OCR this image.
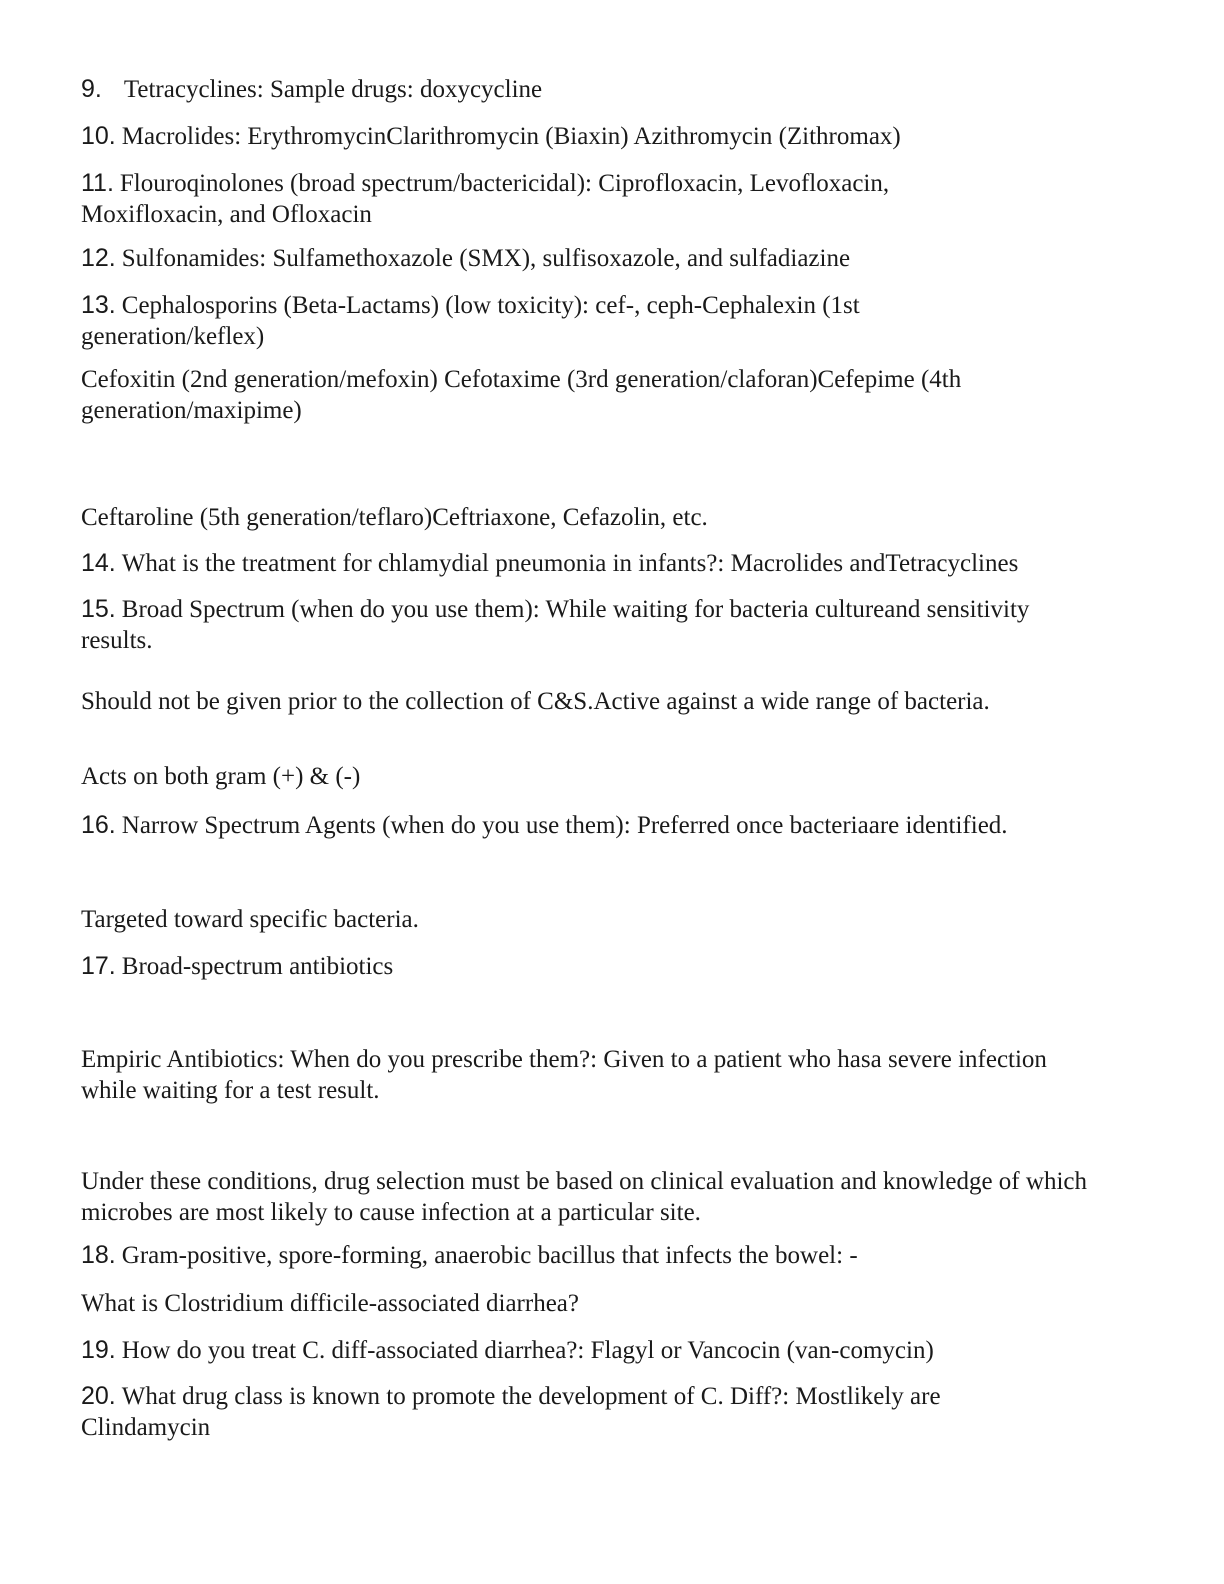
9. Tetracyclines: Sample drugs: doxycycline

10. Macrolides: ErythromycinClarithromycin (Biaxin) Azithromycin (Zithromax)

11. Flouroqinolones (broad spectrum/bactericidal): Ciprofloxacin, Levofloxacin, Moxifloxacin, and Ofloxacin

12. Sulfonamides: Sulfamethoxazole (SMX), sulfisoxazole, and sulfadiazine

13. Cephalosporins (Beta-Lactams) (low toxicity): cef-, ceph-Cephalexin (1st generation/keflex)

Cefoxitin (2nd generation/mefoxin) Cefotaxime (3rd generation/claforan)Cefepime (4th generation/maxipime)

Ceftaroline (5th generation/teflaro)Ceftriaxone, Cefazolin, etc.

14. What is the treatment for chlamydial pneumonia in infants?: Macrolides andTetracyclines

15. Broad Spectrum (when do you use them): While waiting for bacteria cultureand sensitivity results.

Should not be given prior to the collection of C&S.Active against a wide range of bacteria.

Acts on both gram (+) & (-)

16. Narrow Spectrum Agents (when do you use them): Preferred once bacteriaare identified.

Targeted toward specific bacteria.

17. Broad-spectrum antibiotics

Empiric Antibiotics: When do you prescribe them?: Given to a patient who hasa severe infection while waiting for a test result.

Under these conditions, drug selection must be based on clinical evaluation and knowledge of which microbes are most likely to cause infection at a particular site.

18. Gram-positive, spore-forming, anaerobic bacillus that infects the bowel: -

What is Clostridium difficile-associated diarrhea?

19. How do you treat C. diff-associated diarrhea?: Flagyl or Vancocin (van-comycin)

20. What drug class is known to promote the development of C. Diff?: Mostlikely are Clindamycin
